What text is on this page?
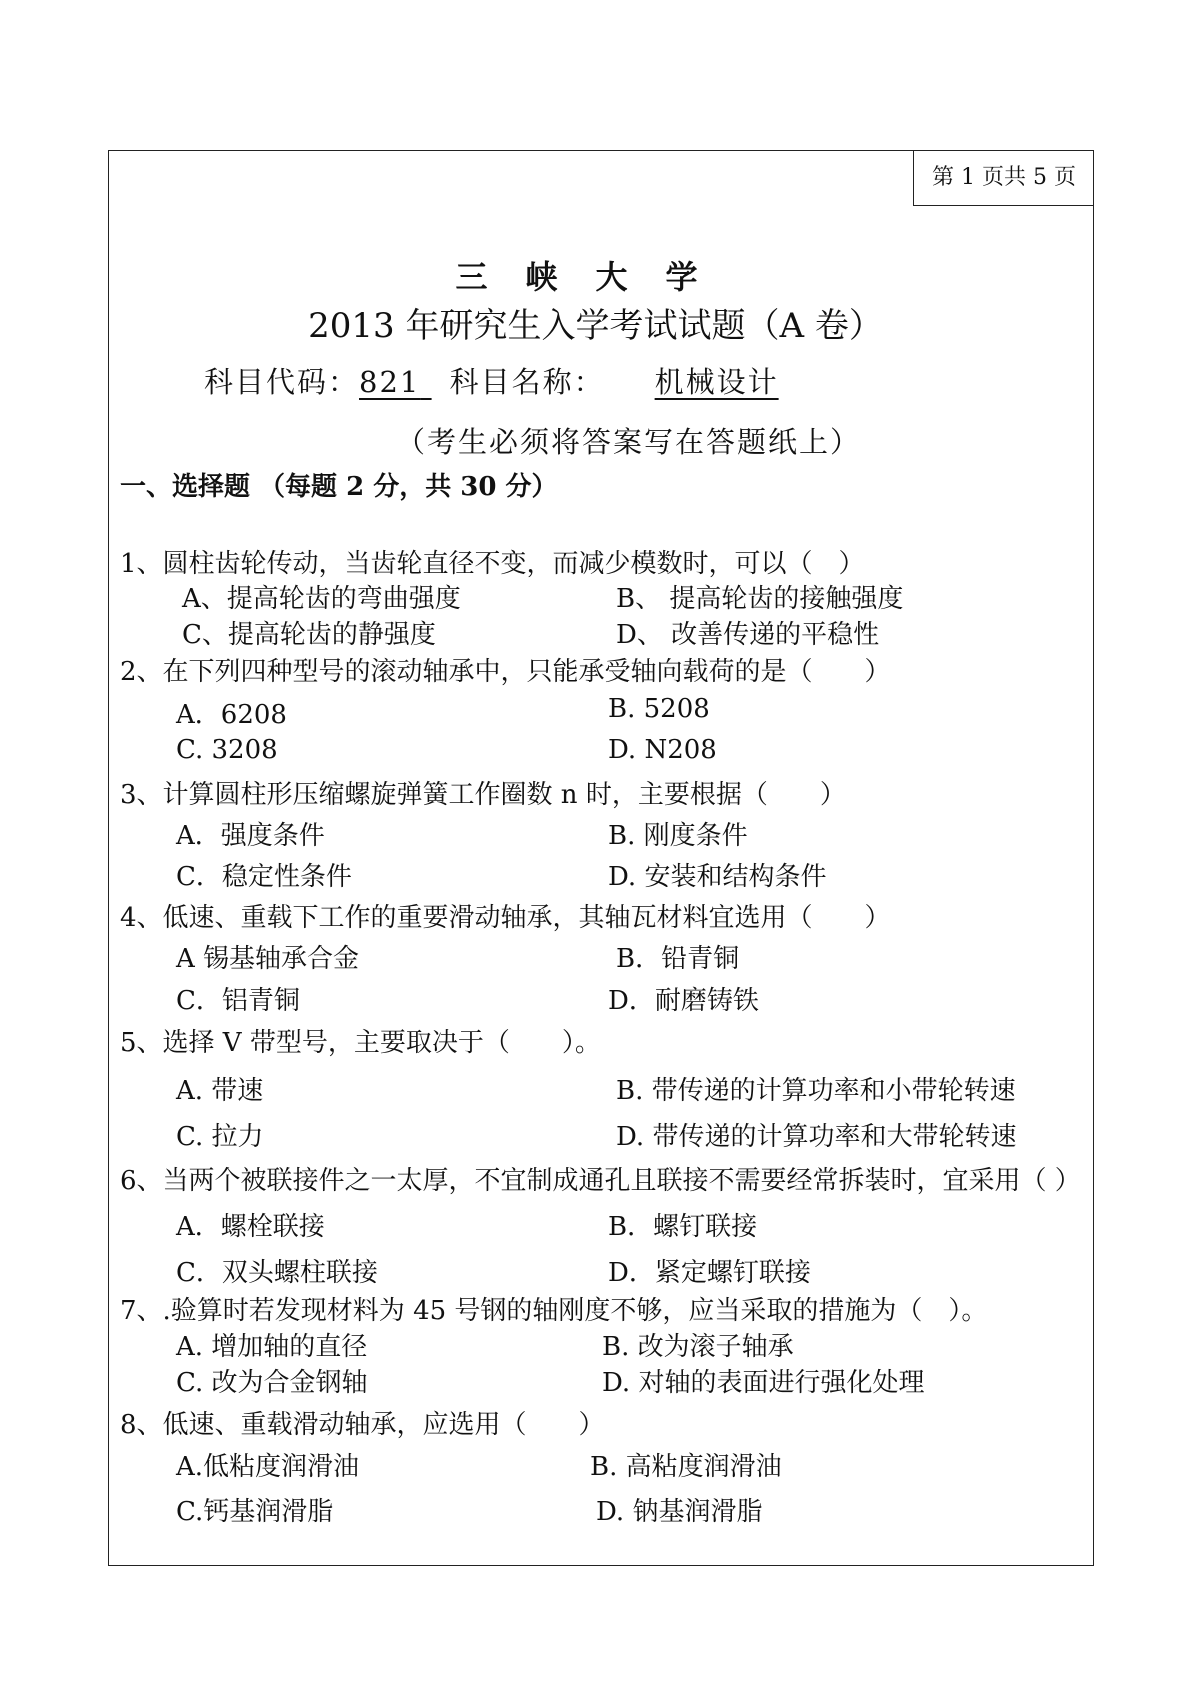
第 1 页共 5 页
三峡大学
2013 年研究生入学考试试题（A 卷）
科目代码：821 科目名称： 机械设计
（考生必须将答案写在答题纸上）
一、选择题 （每题 2 分，共 30 分）
1、圆柱齿轮传动，当齿轮直径不变，而减少模数时，可以（　）
A、提高轮齿的弯曲强度	B、 提高轮齿的接触强度
C、提高轮齿的静强度	D、 改善传递的平稳性
2、在下列四种型号的滚动轴承中，只能承受轴向载荷的是（　　）
A．6208	B. 5208
C. 3208	D. N208
3、计算圆柱形压缩螺旋弹簧工作圈数 n 时，主要根据（　　）
A．强度条件	B. 刚度条件
C．稳定性条件	D. 安装和结构条件
4、低速、重载下工作的重要滑动轴承，其轴瓦材料宜选用（　　）
A 锡基轴承合金	B．铅青铜
C．铝青铜	D．耐磨铸铁
5、选择 V 带型号，主要取决于（　　）。
A. 带速	B. 带传递的计算功率和小带轮转速
C. 拉力	D. 带传递的计算功率和大带轮转速
6、当两个被联接件之一太厚，不宜制成通孔且联接不需要经常拆装时，宜采用（ ）
A．螺栓联接	B．螺钉联接
C．双头螺柱联接	D．紧定螺钉联接
7、.验算时若发现材料为 45 号钢的轴刚度不够，应当采取的措施为（　）。
A. 增加轴的直径	B. 改为滚子轴承
C. 改为合金钢轴	D. 对轴的表面进行强化处理
8、低速、重载滑动轴承，应选用（　　）
A.低粘度润滑油	B. 高粘度润滑油
C.钙基润滑脂	D. 钠基润滑脂
